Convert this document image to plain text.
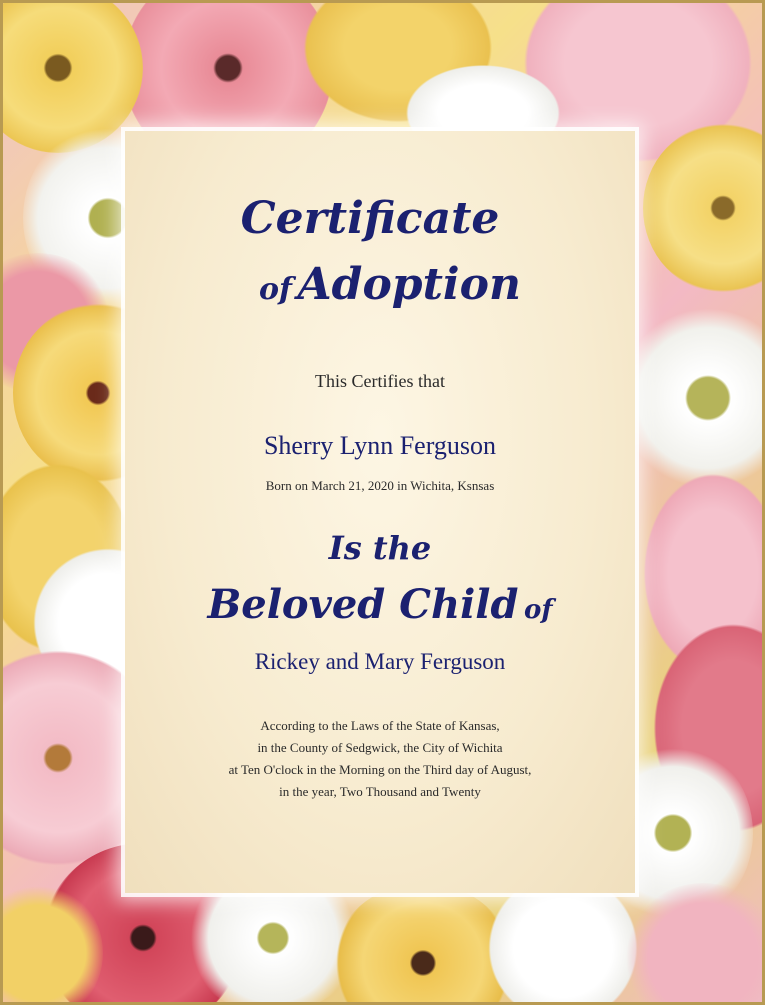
Certificate
of Adoption
This Certifies that
Sherry Lynn Ferguson
Born on March 21, 2020 in Wichita, Ksnsas
Is the
Beloved Child of
Rickey and Mary Ferguson
According to the Laws of the State of Kansas,
in the County of Sedgwick, the City of Wichita
at Ten O'clock in the Morning on the Third day of August,
in the year, Two Thousand and Twenty
